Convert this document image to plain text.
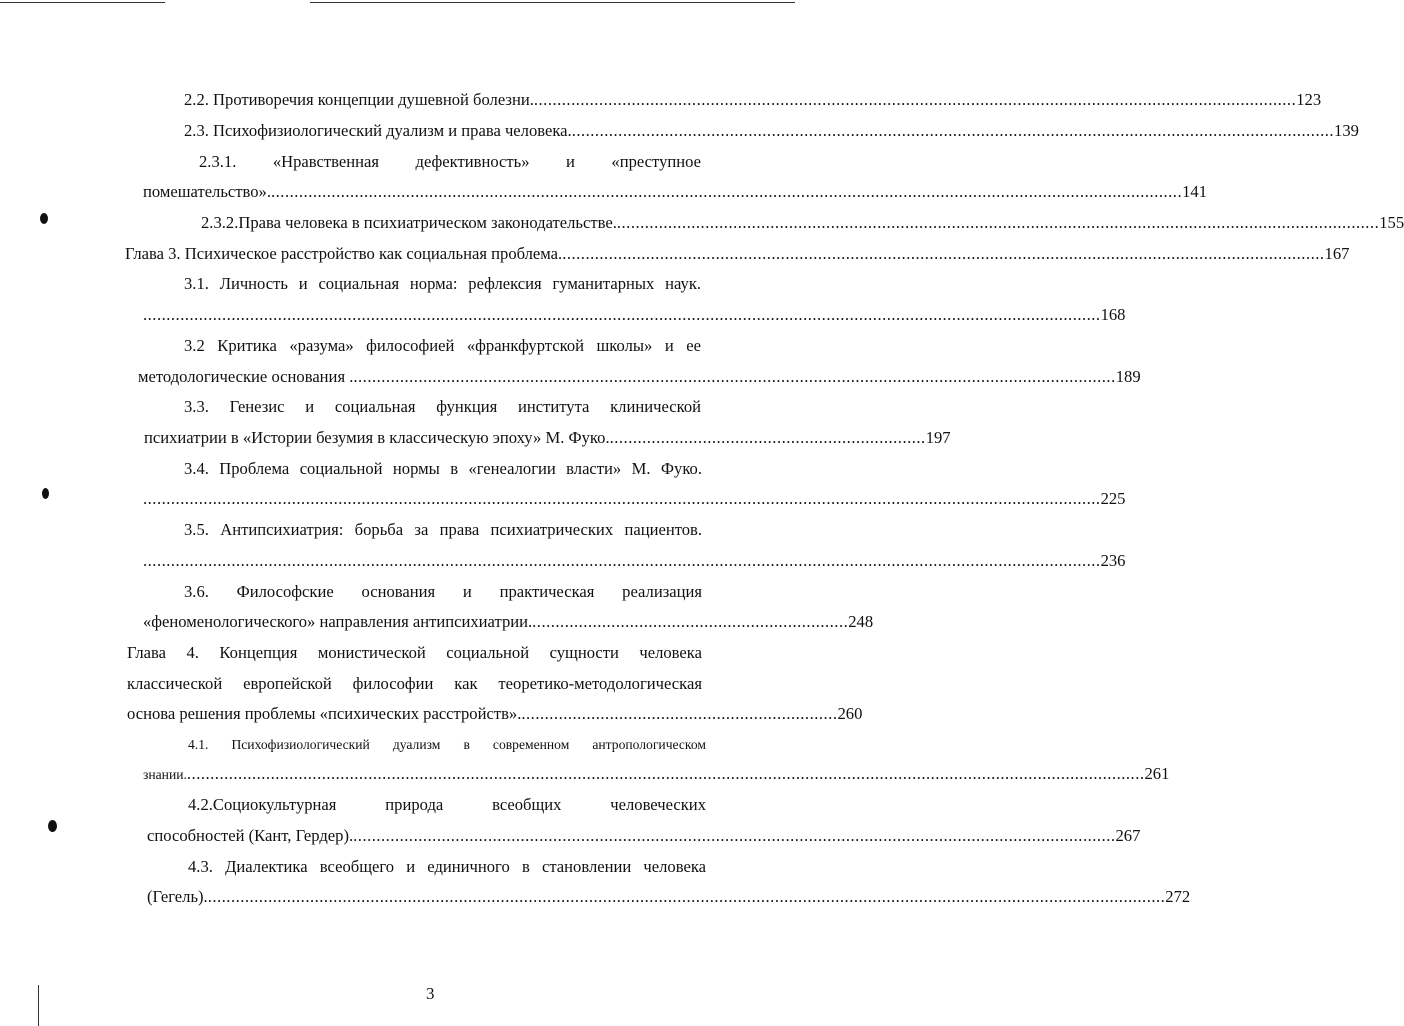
2.2. Противоречия концепции душевной болезни. .................................................................................................................................................................... 123
2.3. Психофизиологический дуализм и права человека. .................................................................................................................................................................... 139
2.3.1. «Нравственная дефективность» и «преступное
помешательство». .................................................................................................................................................................................................... 141
2.3.2.Права человека в психиатрическом законодательстве. .................................................................................................................................................................... 155
Глава 3. Психическое расстройство как социальная проблема. .................................................................................................................................................................... 167
3.1. Личность и социальная норма: рефлексия гуманитарных наук.
.............................................................................................................................................................................................................. 168
3.2 Критика «разума» философией «франкфуртской школы» и ее
методологические основания . .................................................................................................................................................................... 189
3.3. Генезис и социальная функция института клинической
психиатрии в «Истории безумия в классическую эпоху» М. Фуко. .................................................................... 197
3.4. Проблема социальной нормы в «генеалогии власти» М. Фуко.
.............................................................................................................................................................................................................. 225
3.5. Антипсихиатрия: борьба за права психиатрических пациентов.
.............................................................................................................................................................................................................. 236
3.6. Философские основания и практическая реализация
«феноменологического» направления антипсихиатрии. .................................................................... 248
Глава 4. Концепция монистической социальной сущности человека
классической европейской философии как теоретико-методологическая
основа решения проблемы «психических расстройств». .................................................................... 260
4.1. Психофизиологический дуализм в современном антропологическом
знании. .............................................................................................................................................................................................................. 261
4.2.Социокультурная	природа	всеобщих	человеческих
способностей (Кант, Гердер). .................................................................................................................................................................... 267
4.3. Диалектика всеобщего и единичного в становлении человека
(Гегель). .............................................................................................................................................................................................................. 272
3
